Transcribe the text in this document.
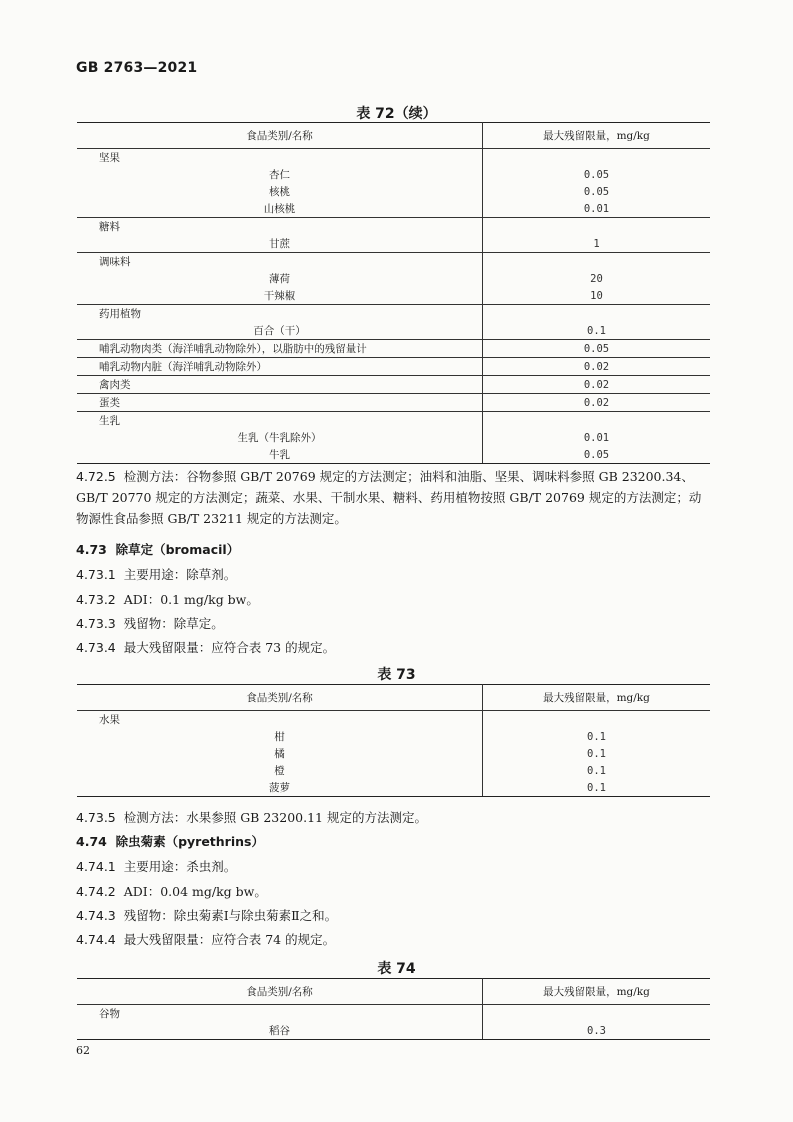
GB 2763—2021
表 72（续）
食品类别/名称	最大残留限量，mg/kg
坚果	
杏仁	0.05
核桃	0.05
山核桃	0.01
糖料	
甘蔗	1
调味料	
薄荷	20
干辣椒	10
药用植物	
百合（干）	0.1
哺乳动物肉类（海洋哺乳动物除外），以脂肪中的残留量计	0.05
哺乳动物内脏（海洋哺乳动物除外）	0.02
禽肉类	0.02
蛋类	0.02
生乳	
生乳（牛乳除外）	0.01
牛乳	0.05
4.72.5 检测方法：谷物参照 GB/T 20769 规定的方法测定；油料和油脂、坚果、调味料参照 GB 23200.34、GB/T 20770 规定的方法测定；蔬菜、水果、干制水果、糖料、药用植物按照 GB/T 20769 规定的方法测定；动物源性食品参照 GB/T 23211 规定的方法测定。
4.73 除草定（bromacil）
4.73.1 主要用途：除草剂。
4.73.2 ADI：0.1 mg/kg bw。
4.73.3 残留物：除草定。
4.73.4 最大残留限量：应符合表 73 的规定。
表 73
食品类别/名称	最大残留限量，mg/kg
水果	
柑	0.1
橘	0.1
橙	0.1
菠萝	0.1
4.73.5 检测方法：水果参照 GB 23200.11 规定的方法测定。
4.74 除虫菊素（pyrethrins）
4.74.1 主要用途：杀虫剂。
4.74.2 ADI：0.04 mg/kg bw。
4.74.3 残留物：除虫菊素Ⅰ与除虫菊素Ⅱ之和。
4.74.4 最大残留限量：应符合表 74 的规定。
表 74
食品类别/名称	最大残留限量，mg/kg
谷物	
稻谷	0.3
62
